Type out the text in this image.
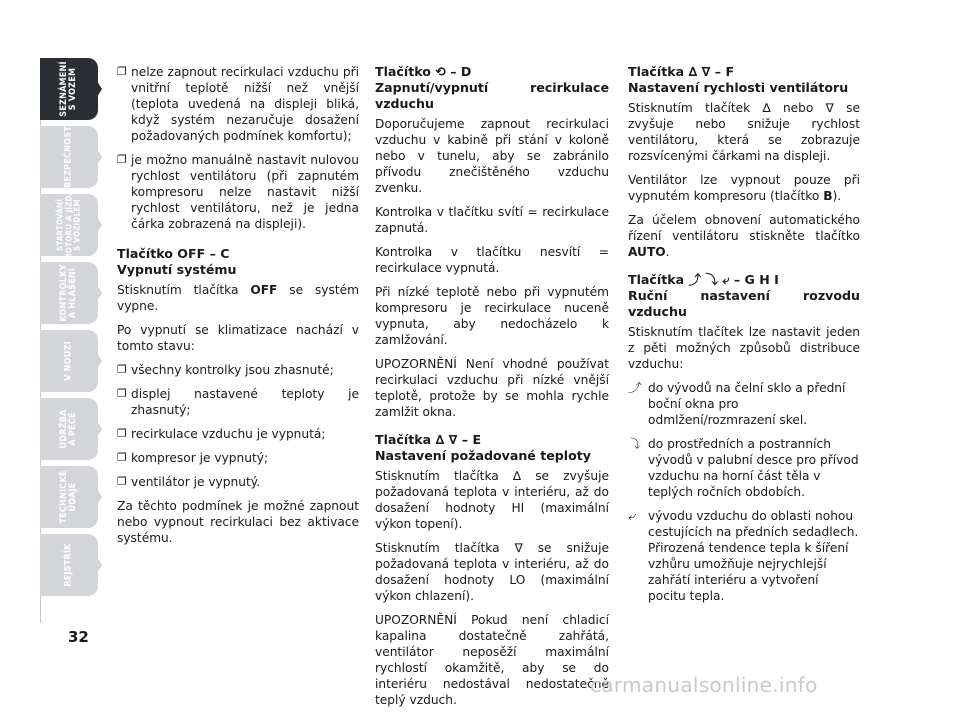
SEZNÁMENÍ
S VOZEM
BEZPEČNOST
STARTOVÁNÍ
MOTORU A JÍZDA
S VOZIDLEM
KONTROLKY
A HLÁŠENÍ
V NOUZI
ÚDRŽBA
A PÉČE
TECHNICKÉ
ÚDAJE
REJSTŘÍK
32
❐ nelze zapnout recirkulaci vzduchu při vnitřní teplotě nižší než vnější (teplota uvedená na displeji bliká, když systém nezaručuje dosažení požadovaných podmínek komfortu);
❐ je možno manuálně nastavit nulovou rychlost ventilátoru (při zapnutém kompresoru nelze nastavit nižší rychlost ventilátoru, než je jedna čárka zobrazená na displeji).

Tlačítko OFF – C
Vypnutí systému

Stisknutím tlačítka OFF se systém vypne.

Po vypnutí se klimatizace nachází v tomto stavu:

❐ všechny kontrolky jsou zhasnuté;
❐ displej nastavené teploty je zhasnutý;
❐ recirkulace vzduchu je vypnutá;
❐ kompresor je vypnutý;
❐ ventilátor je vypnutý.

Za těchto podmínek je možné zapnout nebo vypnout recirkulaci bez aktivace systému.

Tlačítko ⟲ – D
Zapnutí/vypnutí recirkulace vzduchu

Doporučujeme zapnout recirkulaci vzduchu v kabině při stání v koloně nebo v tunelu, aby se zabránilo přívodu znečištěného vzduchu zvenku.

Kontrolka v tlačítku svítí = recirkulace zapnutá.

Kontrolka v tlačítku nesvítí = recirkulace vypnutá.

Při nízké teplotě nebo při vypnutém kompresoru je recirkulace nuceně vypnuta, aby nedocházelo k zamlžování.

UPOZORNĚNÍ Není vhodné používat recirkulaci vzduchu při nízké vnější teplotě, protože by se mohla rychle zamlžit okna.

Tlačítka ∆ ∇ – E
Nastavení požadované teploty

Stisknutím tlačítka ∆ se zvyšuje požadovaná teplota v interiéru, až do dosažení hodnoty HI (maximální výkon topení).

Stisknutím tlačítka ∇ se snižuje požadovaná teplota v interiéru, až do dosažení hodnoty LO (maximální výkon chlazení).

UPOZORNĚNÍ Pokud není chladicí kapalina dostatečně zahřátá, ventilátor neposěží maximální rychlostí okamžitě, aby se do interiéru nedostával nedostatečně teplý vzduch.

Tlačítka ∆ ∇ – F
Nastavení rychlosti ventilátoru

Stisknutím tlačítek ∆ nebo ∇ se zvyšuje nebo snižuje rychlost ventilátoru, která se zobrazuje rozsvícenými čárkami na displeji.

Ventilátor lze vypnout pouze při vypnutém kompresoru (tlačítko B).

Za účelem obnovení automatického řízení ventilátoru stiskněte tlačítko AUTO.

Tlačítka ⤴ ⤵ ⤶ – G H I
Ruční nastavení rozvodu vzduchu

Stisknutím tlačítek lze nastavit jeden z pěti možných způsobů distribuce vzduchu:

⤴ do vývodů na čelní sklo a přední boční okna pro odmlžení/rozmrazení skel.
⤵ do prostředních a postranních vývodů v palubní desce pro přívod vzduchu na horní část těla v teplých ročních obdobích.
⤶	vývodu vzduchu do oblasti nohou cestujících na předních sedadlech. Přirozená tendence tepla k šíření vzhůru umožňuje nejrychlejší zahřátí interiéru a vytvoření pocitu tepla.
carmanualsonline.info
